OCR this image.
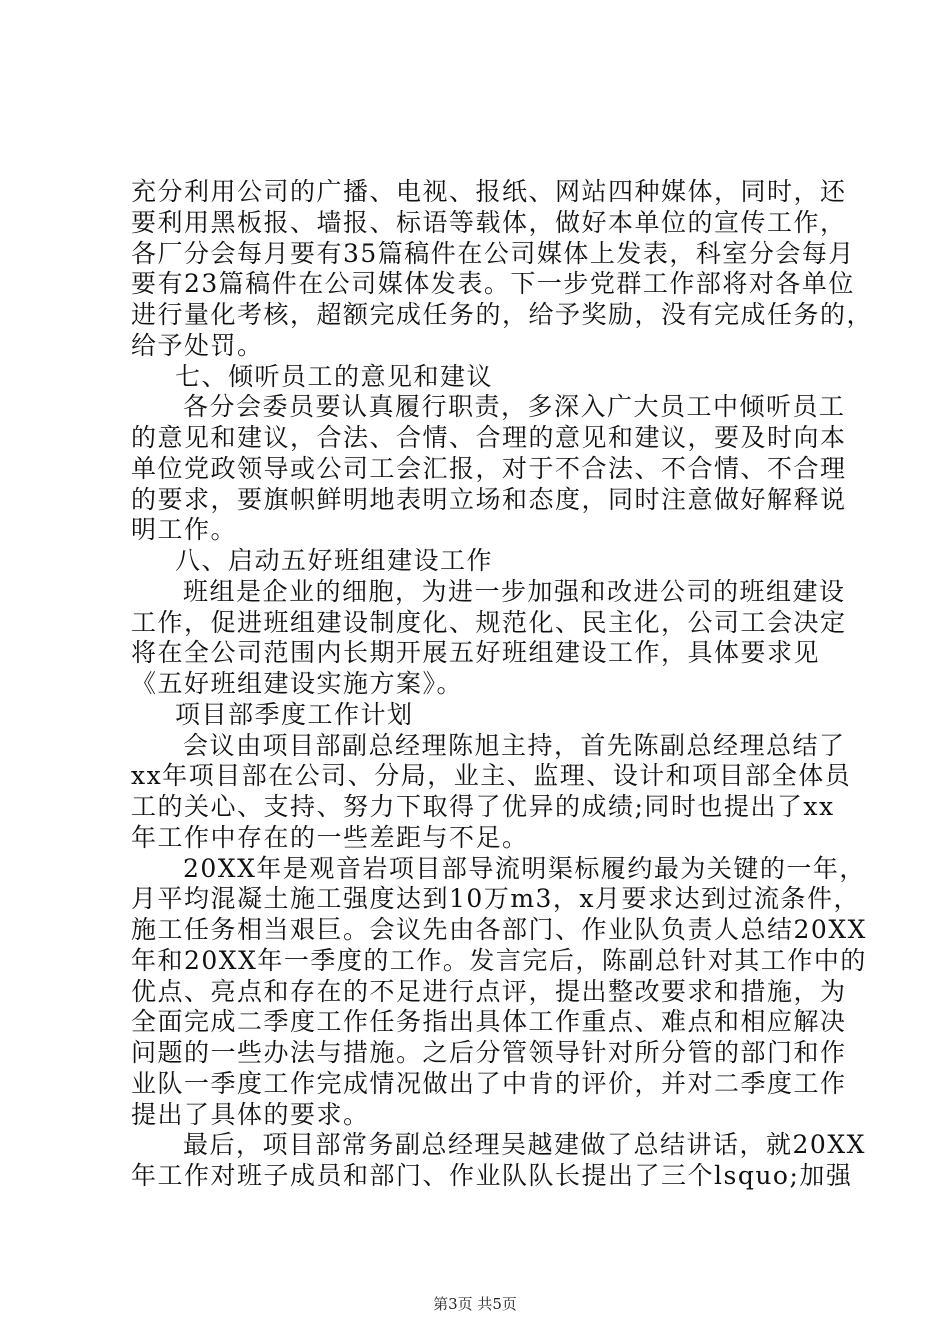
充分利用公司的广播、电视、报纸、网站四种媒体，同时，还
要利用黑板报、墙报、标语等载体，做好本单位的宣传工作，
各厂分会每月要有35篇稿件在公司媒体上发表，科室分会每月
要有23篇稿件在公司媒体发表。下一步党群工作部将对各单位
进行量化考核，超额完成任务的，给予奖励，没有完成任务的，
给予处罚。
七、倾听员工的意见和建议
各分会委员要认真履行职责，多深入广大员工中倾听员工
的意见和建议，合法、合情、合理的意见和建议，要及时向本
单位党政领导或公司工会汇报，对于不合法、不合情、不合理
的要求，要旗帜鲜明地表明立场和态度，同时注意做好解释说
明工作。
八、启动五好班组建设工作
班组是企业的细胞，为进一步加强和改进公司的班组建设
工作，促进班组建设制度化、规范化、民主化，公司工会决定
将在全公司范围内长期开展五好班组建设工作，具体要求见
《五好班组建设实施方案》。
项目部季度工作计划
会议由项目部副总经理陈旭主持，首先陈副总经理总结了
xx年项目部在公司、分局，业主、监理、设计和项目部全体员
工的关心、支持、努力下取得了优异的成绩;同时也提出了xx
年工作中存在的一些差距与不足。
20XX年是观音岩项目部导流明渠标履约最为关键的一年，
月平均混凝土施工强度达到10万m3，x月要求达到过流条件，
施工任务相当艰巨。会议先由各部门、作业队负责人总结20XX
年和20XX年一季度的工作。发言完后，陈副总针对其工作中的
优点、亮点和存在的不足进行点评，提出整改要求和措施，为
全面完成二季度工作任务指出具体工作重点、难点和相应解决
问题的一些办法与措施。之后分管领导针对所分管的部门和作
业队一季度工作完成情况做出了中肯的评价，并对二季度工作
提出了具体的要求。
最后，项目部常务副总经理吴越建做了总结讲话，就20XX
年工作对班子成员和部门、作业队队长提出了三个lsquo;加强
第3页 共5页
